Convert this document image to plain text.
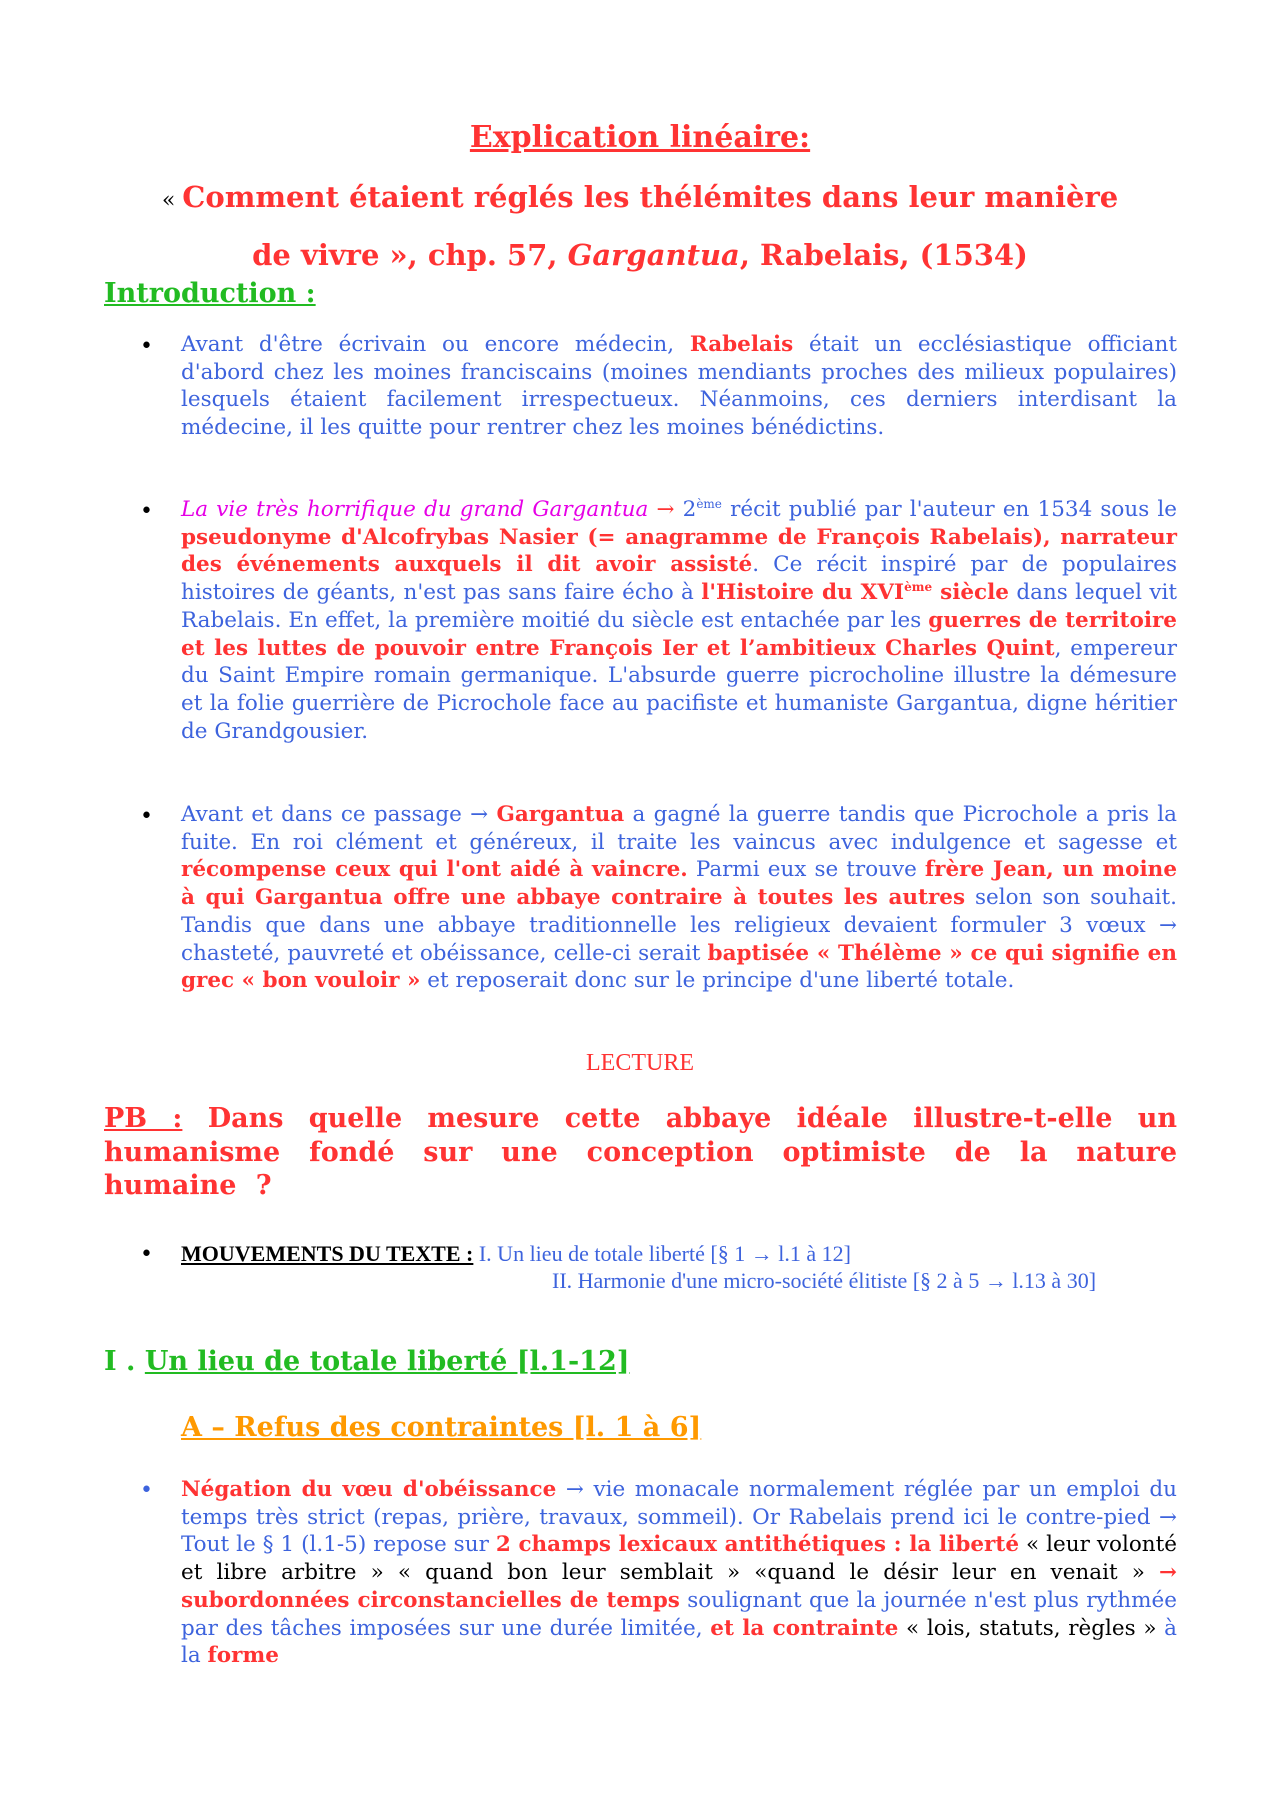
Explication linéaire:
« Comment étaient réglés les thélémites dans leur manière
de vivre », chp. 57, Gargantua, Rabelais, (1534)
Introduction :
• Avant d'être écrivain ou encore médecin, Rabelais était un ecclésiastique officiant d'abord chez les moines franciscains (moines mendiants proches des milieux populaires) lesquels étaient facilement irrespectueux. Néanmoins, ces derniers interdisant la médecine, il les quitte pour rentrer chez les moines bénédictins.
• La vie très horrifique du grand Gargantua → 2ème récit publié par l'auteur en 1534 sous le pseudonyme d'Alcofrybas Nasier (= anagramme de François Rabelais), narrateur des événements auxquels il dit avoir assisté. Ce récit inspiré par de populaires histoires de géants, n'est pas sans faire écho à l'Histoire du XVIème siècle dans lequel vit Rabelais. En effet, la première moitié du siècle est entachée par les guerres de territoire et les luttes de pouvoir entre François Ier et l’ambitieux Charles Quint, empereur du Saint Empire romain germanique. L'absurde guerre picrocholine illustre la démesure et la folie guerrière de Picrochole face au pacifiste et humaniste Gargantua, digne héritier de Grandgousier.
• Avant et dans ce passage → Gargantua a gagné la guerre tandis que Picrochole a pris la fuite. En roi clément et généreux, il traite les vaincus avec indulgence et sagesse et récompense ceux qui l'ont aidé à vaincre. Parmi eux se trouve frère Jean, un moine à qui Gargantua offre une abbaye contraire à toutes les autres selon son souhait. Tandis que dans une abbaye traditionnelle les religieux devaient formuler 3 vœux → chasteté, pauvreté et obéissance, celle-ci serait baptisée « Thélème » ce qui signifie en grec « bon vouloir » et reposerait donc sur le principe d'une liberté totale.
LECTURE
PB : Dans quelle mesure cette abbaye idéale illustre-t-elle un humanisme fondé sur une conception optimiste de la nature humaine ?
•	MOUVEMENTS DU TEXTE : I. Un lieu de totale liberté [§ 1 → l.1 à 12]
II. Harmonie d'une micro-société élitiste [§ 2 à 5 → l.13 à 30]
I . Un lieu de totale liberté [l.1-12]
A – Refus des contraintes [l. 1 à 6]
• Négation du vœu d'obéissance → vie monacale normalement réglée par un emploi du temps très strict (repas, prière, travaux, sommeil). Or Rabelais prend ici le contre-pied → Tout le § 1 (l.1-5) repose sur 2 champs lexicaux antithétiques : la liberté « leur volonté et libre arbitre » « quand bon leur semblait » «quand le désir leur en venait » → subordonnées circonstancielles de temps soulignant que la journée n'est plus rythmée par des tâches imposées sur une durée limitée, et la contrainte « lois, statuts, règles » à la forme
